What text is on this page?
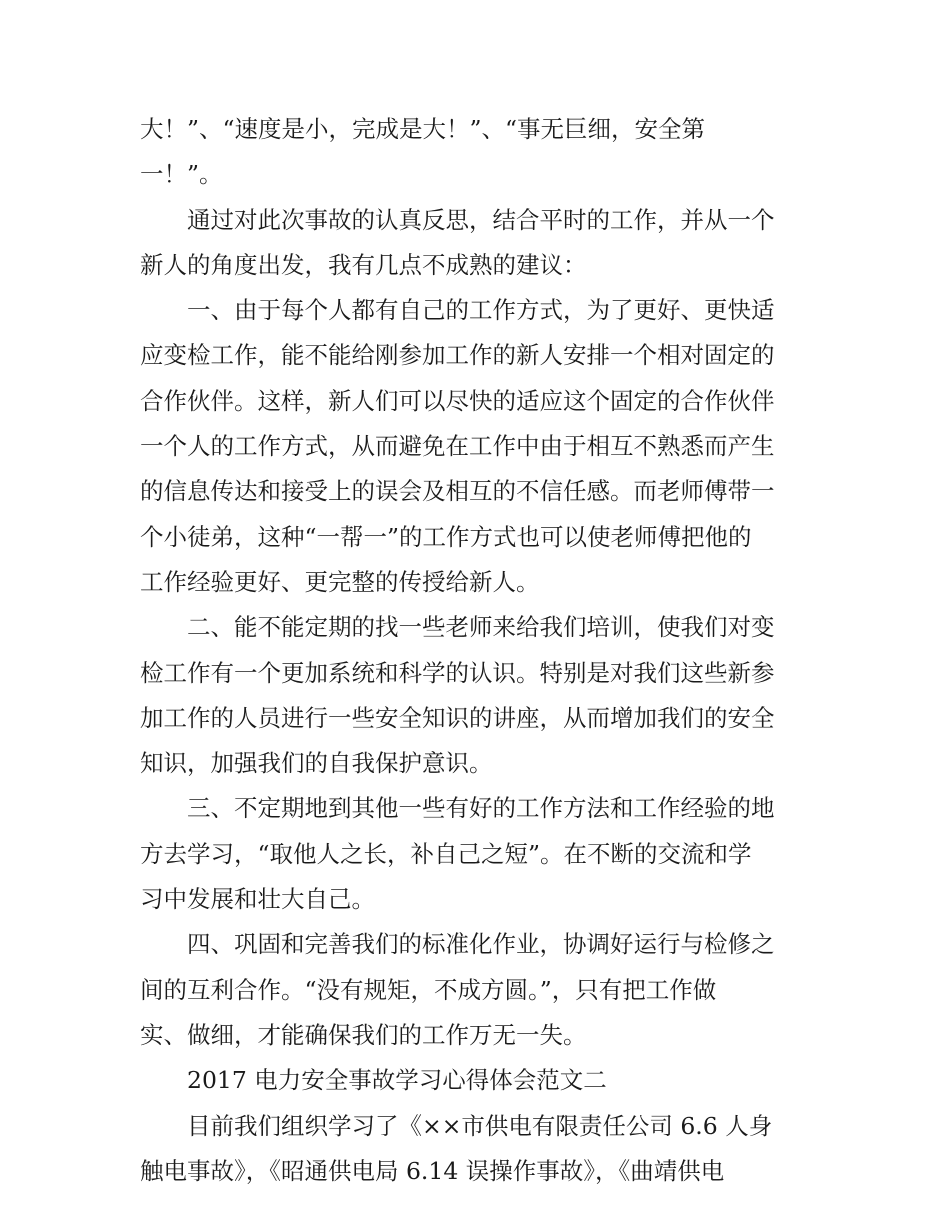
大！”、“速度是小，完成是大！”、“事无巨细，安全第
一！”。
通过对此次事故的认真反思，结合平时的工作，并从一个
新人的角度出发，我有几点不成熟的建议：
一、由于每个人都有自己的工作方式，为了更好、更快适
应变检工作，能不能给刚参加工作的新人安排一个相对固定的
合作伙伴。这样，新人们可以尽快的适应这个固定的合作伙伴
一个人的工作方式，从而避免在工作中由于相互不熟悉而产生
的信息传达和接受上的误会及相互的不信任感。而老师傅带一
个小徒弟，这种“一帮一”的工作方式也可以使老师傅把他的
工作经验更好、更完整的传授给新人。
二、能不能定期的找一些老师来给我们培训，使我们对变
检工作有一个更加系统和科学的认识。特别是对我们这些新参
加工作的人员进行一些安全知识的讲座，从而增加我们的安全
知识，加强我们的自我保护意识。
三、不定期地到其他一些有好的工作方法和工作经验的地
方去学习，“取他人之长，补自己之短”。在不断的交流和学
习中发展和壮大自己。
四、巩固和完善我们的标准化作业，协调好运行与检修之
间的互利合作。“没有规矩，不成方圆。”，只有把工作做
实、做细，才能确保我们的工作万无一失。
2017 电力安全事故学习心得体会范文二
目前我们组织学习了《××市供电有限责任公司 6.6 人身
触电事故》，《昭通供电局 6.14 误操作事故》，《曲靖供电
